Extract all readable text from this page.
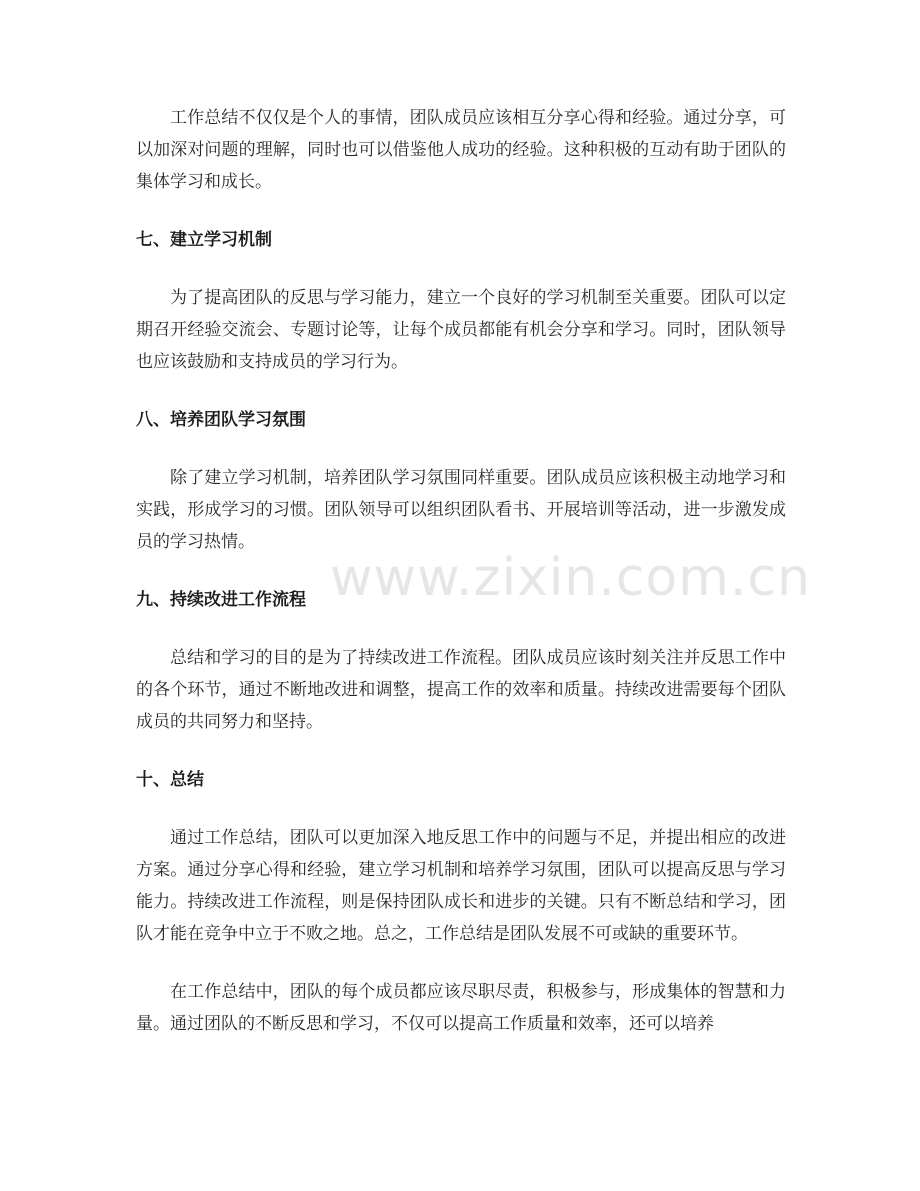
工作总结不仅仅是个人的事情，团队成员应该相互分享心得和经验。通过分享，可以加深对问题的理解，同时也可以借鉴他人成功的经验。这种积极的互动有助于团队的集体学习和成长。

七、建立学习机制

为了提高团队的反思与学习能力，建立一个良好的学习机制至关重要。团队可以定期召开经验交流会、专题讨论等，让每个成员都能有机会分享和学习。同时，团队领导也应该鼓励和支持成员的学习行为。

八、培养团队学习氛围

除了建立学习机制，培养团队学习氛围同样重要。团队成员应该积极主动地学习和实践，形成学习的习惯。团队领导可以组织团队看书、开展培训等活动，进一步激发成员的学习热情。

九、持续改进工作流程

总结和学习的目的是为了持续改进工作流程。团队成员应该时刻关注并反思工作中的各个环节，通过不断地改进和调整，提高工作的效率和质量。持续改进需要每个团队成员的共同努力和坚持。

十、总结

通过工作总结，团队可以更加深入地反思工作中的问题与不足，并提出相应的改进方案。通过分享心得和经验，建立学习机制和培养学习氛围，团队可以提高反思与学习能力。持续改进工作流程，则是保持团队成长和进步的关键。只有不断总结和学习，团队才能在竞争中立于不败之地。总之，工作总结是团队发展不可或缺的重要环节。

在工作总结中，团队的每个成员都应该尽职尽责，积极参与，形成集体的智慧和力量。通过团队的不断反思和学习，不仅可以提高工作质量和效率，还可以培养

www.zixin.com.cn
